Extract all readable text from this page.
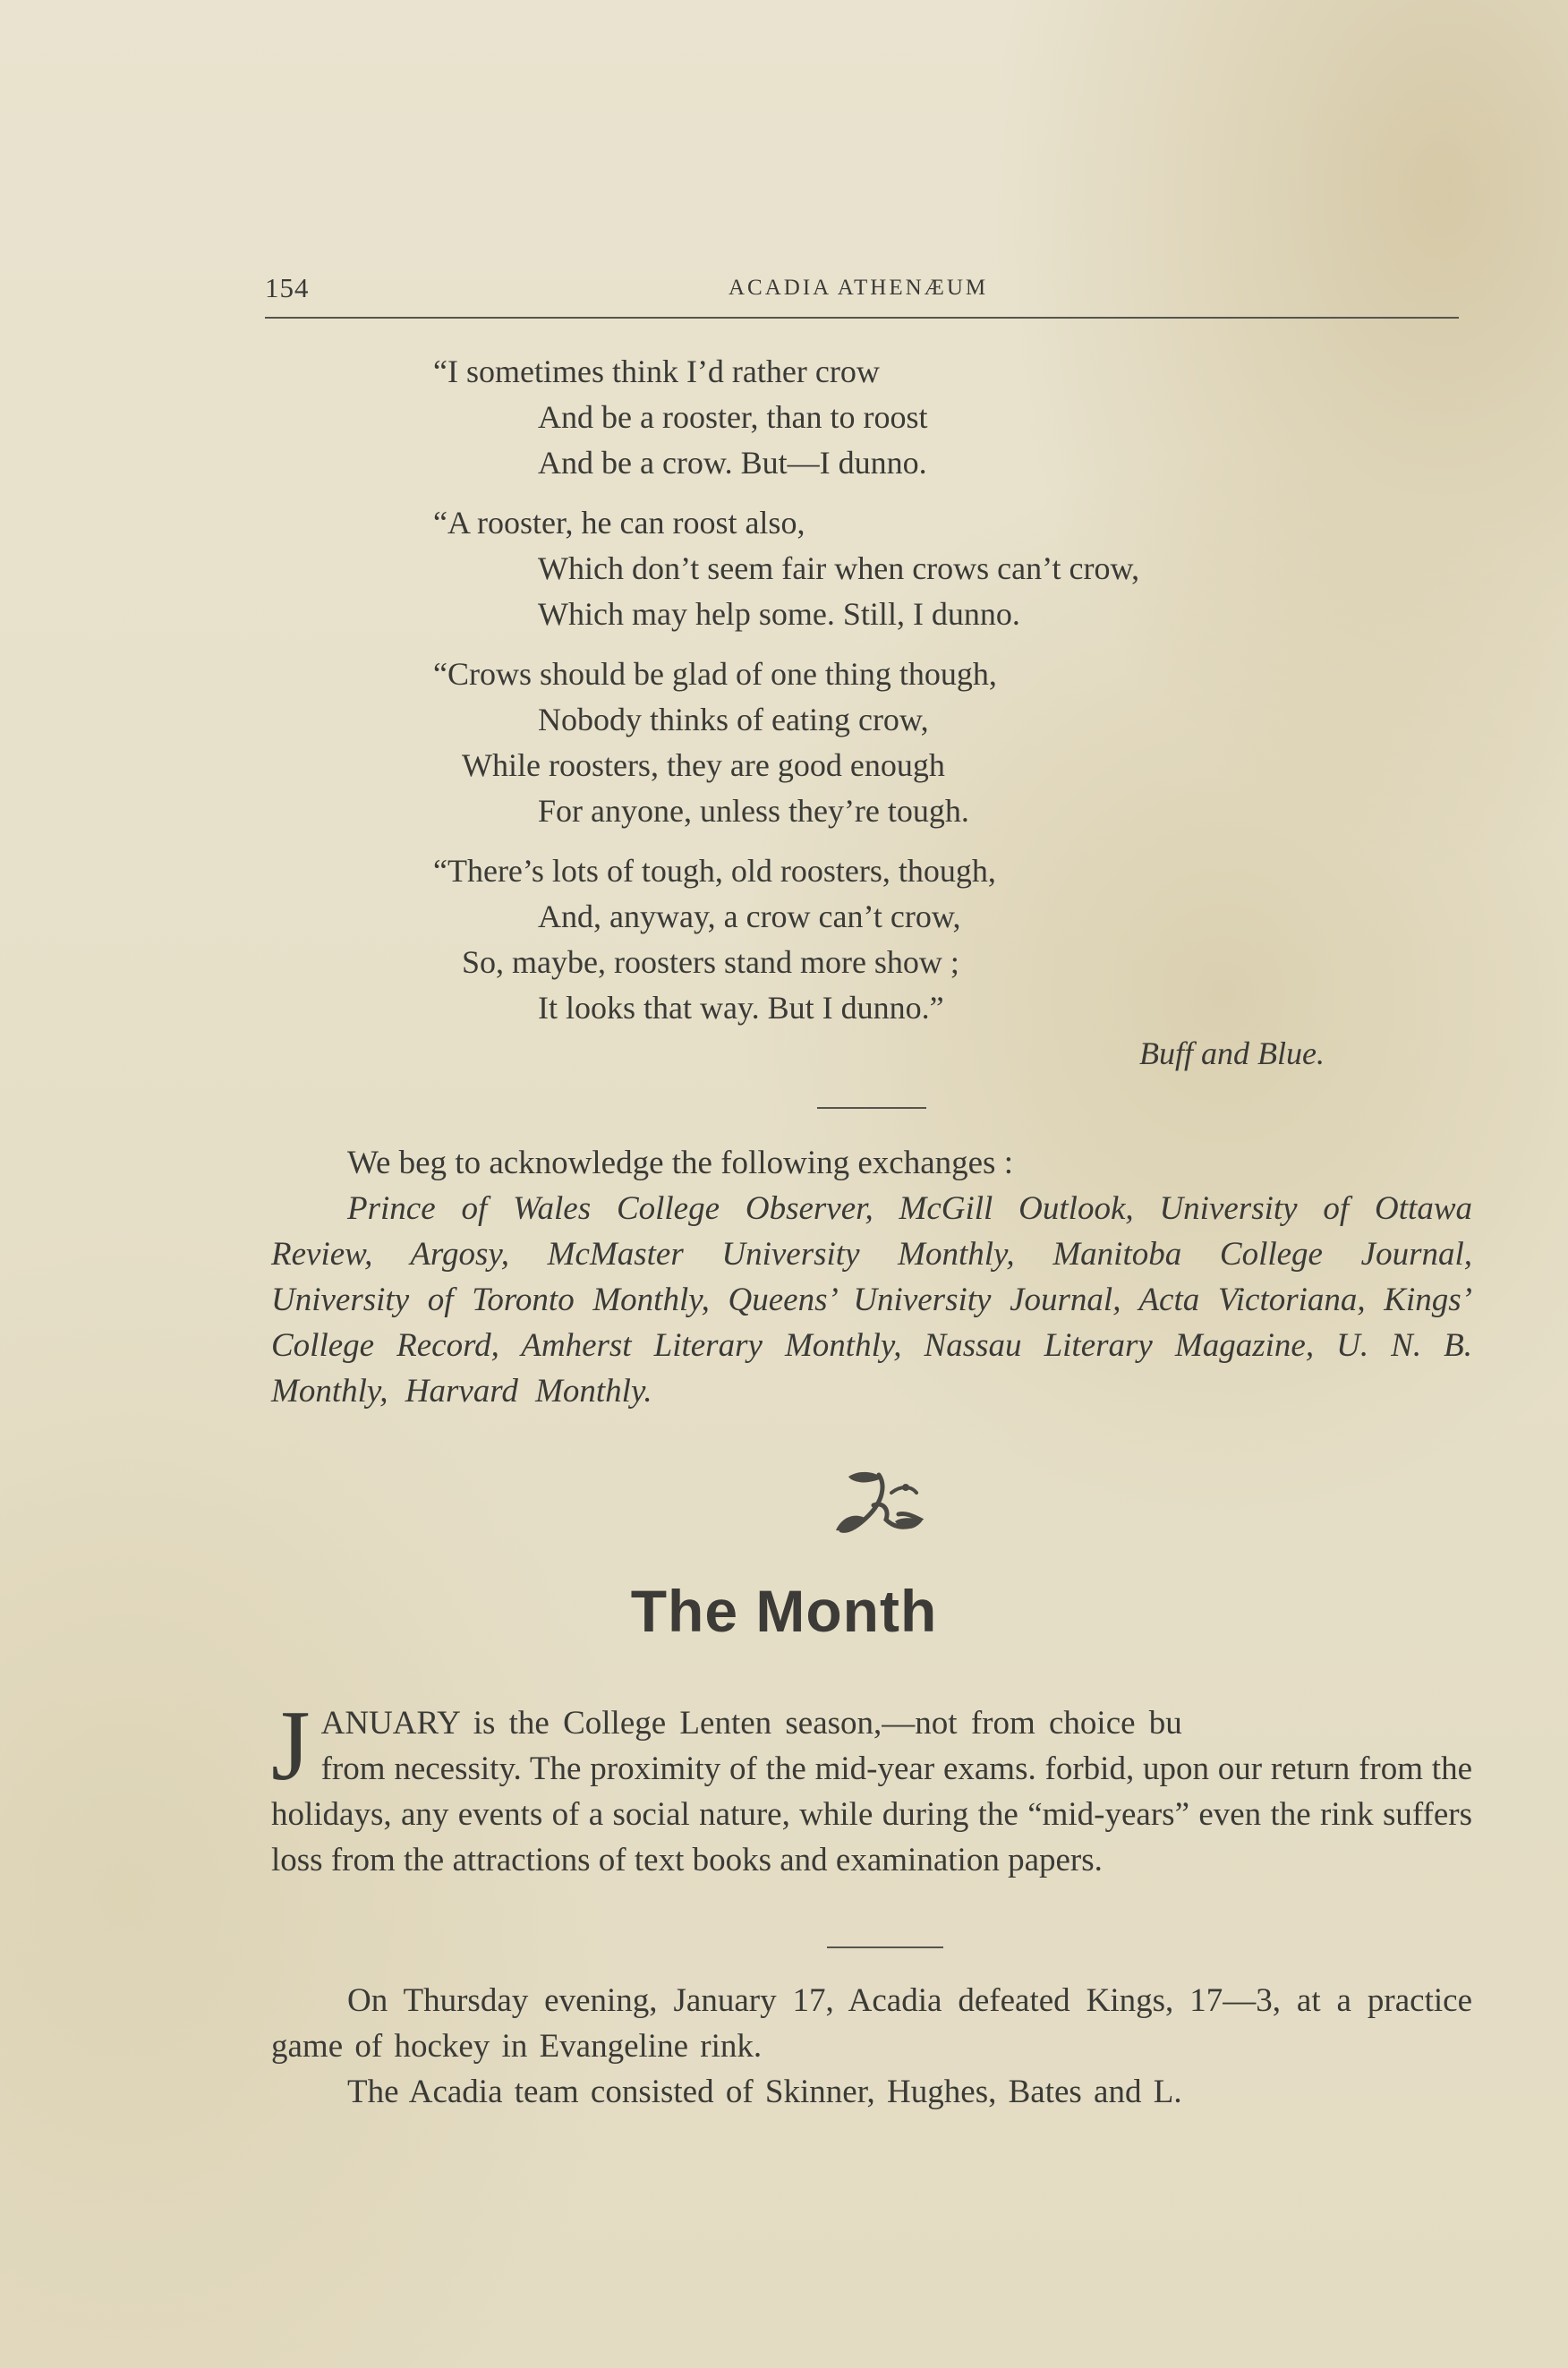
154	ACADIA ATHENÆUM
“I sometimes think I’d rather crow
And be a rooster, than to roost
And be a crow. But—I dunno.
“A rooster, he can roost also,
Which don’t seem fair when crows can’t crow,
Which may help some. Still, I dunno.
“Crows should be glad of one thing though,
Nobody thinks of eating crow,
While roosters, they are good enough
For anyone, unless they’re tough.
“There’s lots of tough, old roosters, though,
And, anyway, a crow can’t crow,
So, maybe, roosters stand more show ;
It looks that way. But I dunno.”
Buff and Blue.
We beg to acknowledge the following exchanges :
Prince of Wales College Observer, McGill Outlook, University of Ottawa Review, Argosy, McMaster University Monthly, Manitoba College Journal, University of Toronto Monthly, Queens’ University Journal, Acta Victoriana, Kings’ College Record, Amherst Literary Monthly, Nassau Literary Magazine, U. N. B. Monthly, Harvard Monthly.
The Month
J ANUARY is the College Lenten season,—not from choice bu
from necessity. The proximity of the mid-year exams. forbid, upon our return from the holidays, any events of a social nature, while during the “mid-years” even the rink suffers loss from the attractions of text books and examination papers.

On Thursday evening, January 17, Acadia defeated Kings, 17—3, at a practice game of hockey in Evangeline rink.

The Acadia team consisted of Skinner, Hughes, Bates and L.
